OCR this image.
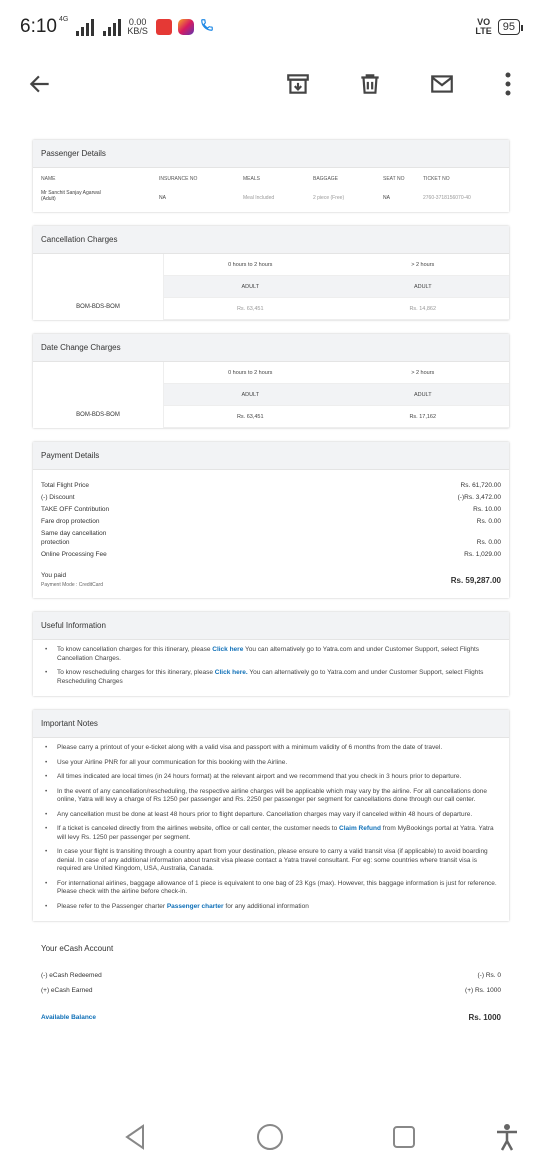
6:10 4G	0.00
KB/S
VO
LTE	95
Passenger Details
NAME	INSURANCE NO	MEALS	BAGGAGE	SEAT NO	TICKET NO
Mr Sanchit Sanjay Agarwal
(Adult)	NA	Meal Included	2 piece (Free)	NA	2760-3718156070-40
Cancellation Charges
BOM-BDS-BOM
0 hours to 2 hours	> 2 hours
ADULT	ADULT
Rs. 63,451	Rs. 14,862
Date Change Charges
BOM-BDS-BOM
0 hours to 2 hours	> 2 hours
ADULT	ADULT
Rs. 63,451	Rs. 17,162
Payment Details
Total Flight Price	Rs. 61,720.00
(-) Discount	(-)Rs. 3,472.00
TAKE OFF Contribution	Rs. 10.00
Fare drop protection	Rs. 0.00
Same day cancellation protection	Rs. 0.00
Online Processing Fee	Rs. 1,029.00
You paid
Payment Mode : CreditCard	Rs. 59,287.00
Useful Information
• To know cancellation charges for this itinerary, please Click here You can alternatively go to Yatra.com and under Customer Support, select Flights Cancellation Charges.
• To know rescheduling charges for this itinerary, please Click here. You can alternatively go to Yatra.com and under Customer Support, select Flights Rescheduling Charges
Important Notes
• Please carry a printout of your e-ticket along with a valid visa and passport with a minimum validity of 6 months from the date of travel.
• Use your Airline PNR for all your communication for this booking with the Airline.
• All times indicated are local times (in 24 hours format) at the relevant airport and we recommend that you check in 3 hours prior to departure.
• In the event of any cancellation/rescheduling, the respective airline charges will be applicable which may vary by the airline. For all cancellations done online, Yatra will levy a charge of Rs 1250 per passenger and Rs. 2250 per passenger per segment for cancellations done through our call center.
• Any cancellation must be done at least 48 hours prior to flight departure. Cancellation charges may vary if canceled within 48 hours of departure.
• If a ticket is canceled directly from the airlines website, office or call center, the customer needs to Claim Refund from MyBookings portal at Yatra. Yatra will levy Rs. 1250 per passenger per segment.
• In case your flight is transiting through a country apart from your destination, please ensure to carry a valid transit visa (if applicable) to avoid boarding denial. In case of any additional information about transit visa please contact a Yatra travel consultant. For eg: some countries where transit visa is required are United Kingdom, USA, Australia, Canada.
• For international airlines, baggage allowance of 1 piece is equivalent to one bag of 23 Kgs (max). However, this baggage information is just for reference. Please check with the airline before check-in.
• Please refer to the Passenger charter Passenger charter for any additional information
Your eCash Account
(-) eCash Redeemed	(-) Rs. 0
(+) eCash Earned	(+) Rs. 1000
Available Balance	Rs. 1000
